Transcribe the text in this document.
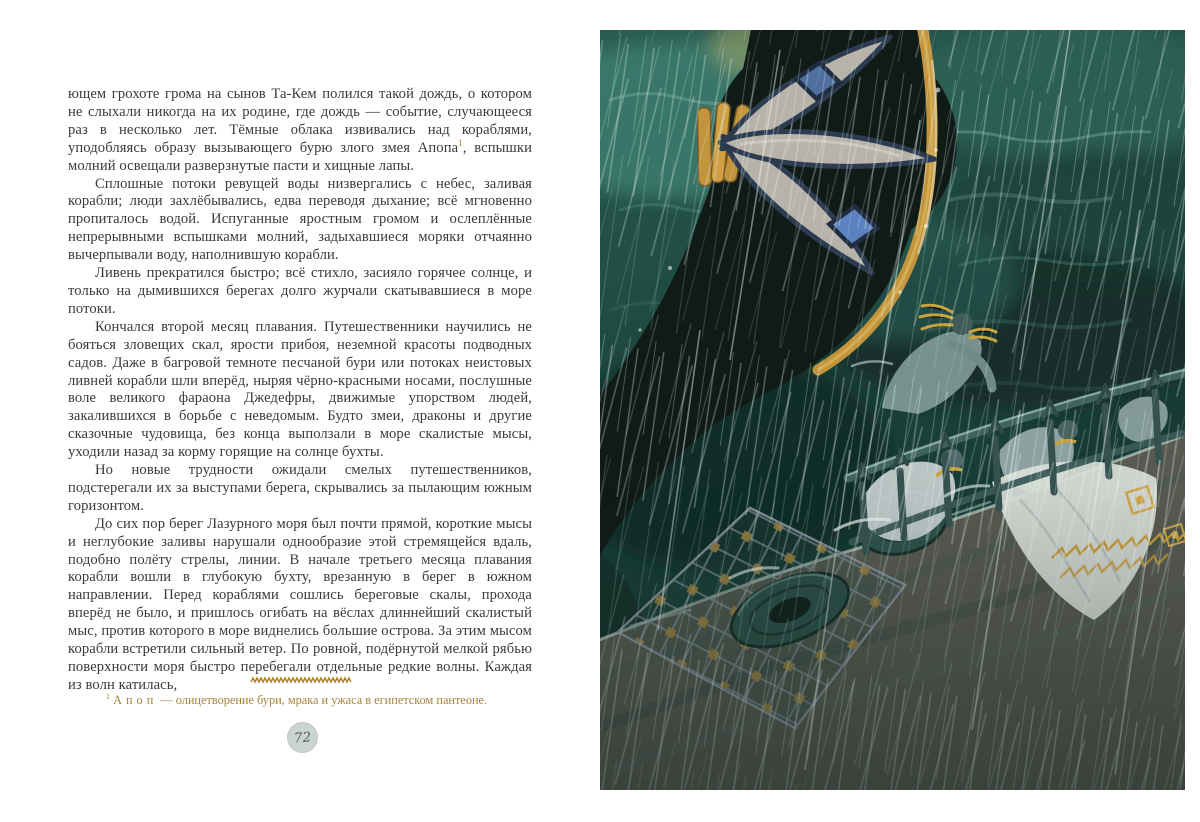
ющем грохоте грома на сынов Та-Кем полился такой дождь, о котором не слыхали никогда на их родине, где дождь — событие, случающееся раз в несколько лет. Тёмные облака извивались над кораблями, уподобляясь образу вызывающего бурю злого змея Апопа$^1$, вспышки молний освещали разверзнутые пасти и хищные лапы.

Сплошные потоки ревущей воды низвергались с небес, заливая корабли; люди захлёбывались, едва переводя дыхание; всё мгновенно пропиталось водой. Испуганные яростным громом и ослеплённые непрерывными вспышками молний, задыхавшиеся моряки отчаянно вычерпывали воду, наполнившую корабли.

Ливень прекратился быстро; всё стихло, засияло горячее солнце, и только на дымившихся берегах долго журчали скатывавшиеся в море потоки.

Кончался второй месяц плавания. Путешественники научились не бояться зловещих скал, ярости прибоя, неземной красоты подводных садов. Даже в багровой темноте песчаной бури или потоках неистовых ливней корабли шли вперёд, ныряя чёрно-красными носами, послушные воле великого фараона Джедефры, движимые упорством людей, закалившихся в борьбе с неведомым. Будто змеи, драконы и другие сказочные чудовища, без конца выползали в море скалистые мысы, уходили назад за корму горящие на солнце бухты.

Но новые трудности ожидали смелых путешественников, подстерегали их за выступами берега, скрывались за пылающим южным горизонтом.

До сих пор берег Лазурного моря был почти прямой, короткие мысы и неглубокие заливы нарушали однообразие этой стремящейся вдаль, подобно полёту стрелы, линии. В начале третьего месяца плавания корабли вошли в глубокую бухту, врезанную в берег в южном направлении. Перед кораблями сошлись береговые скалы, прохода вперёд не было, и пришлось огибать на вёслах длиннейший скалистый мыс, против которого в море виднелись большие острова. За этим мысом корабли встретили сильный ветер. По ровной, подёрнутой мелкой рябью поверхности моря быстро перебегали отдельные редкие волны. Каждая из волн катилась,

$^1$ Апоп — олицетворение бури, мрака и ужаса в египетском пантеоне.
72
